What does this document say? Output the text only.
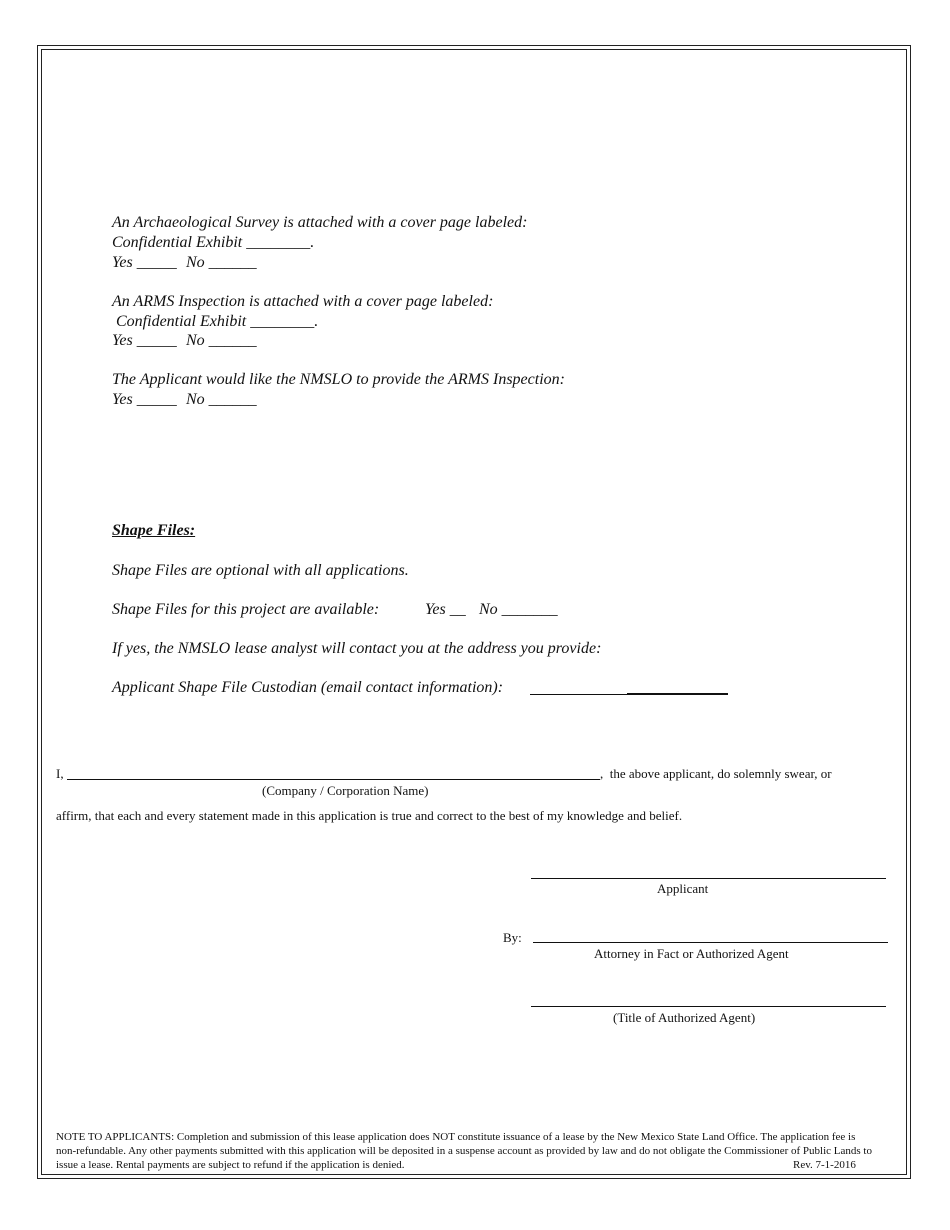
An Archaeological Survey is attached with a cover page labeled:
Confidential Exhibit ________.
Yes _____ No ______
An ARMS Inspection is attached with a cover page labeled:
Confidential Exhibit ________.
Yes _____ No ______
The Applicant would like the NMSLO to provide the ARMS Inspection:
Yes _____ No ______
Shape Files:
Shape Files are optional with all applications.
Shape Files for this project are available:	Yes __ No _______
If yes, the NMSLO lease analyst will contact you at the address you provide:
Applicant Shape File Custodian (email contact information):
I,	,  the above applicant, do solemnly swear, or
(Company / Corporation Name)
affirm, that each and every statement made in this application is true and correct to the best of my knowledge and belief.
Applicant
By:
Attorney in Fact or Authorized Agent
(Title of Authorized Agent)
NOTE TO APPLICANTS: Completion and submission of this lease application does NOT constitute issuance of a lease by the New Mexico State Land Office. The application fee is non-refundable. Any other payments submitted with this application will be deposited in a suspense account as provided by law and do not obligate the Commissioner of Public Lands to issue a lease. Rental payments are subject to refund if the application is denied.	Rev. 7-1-2016
